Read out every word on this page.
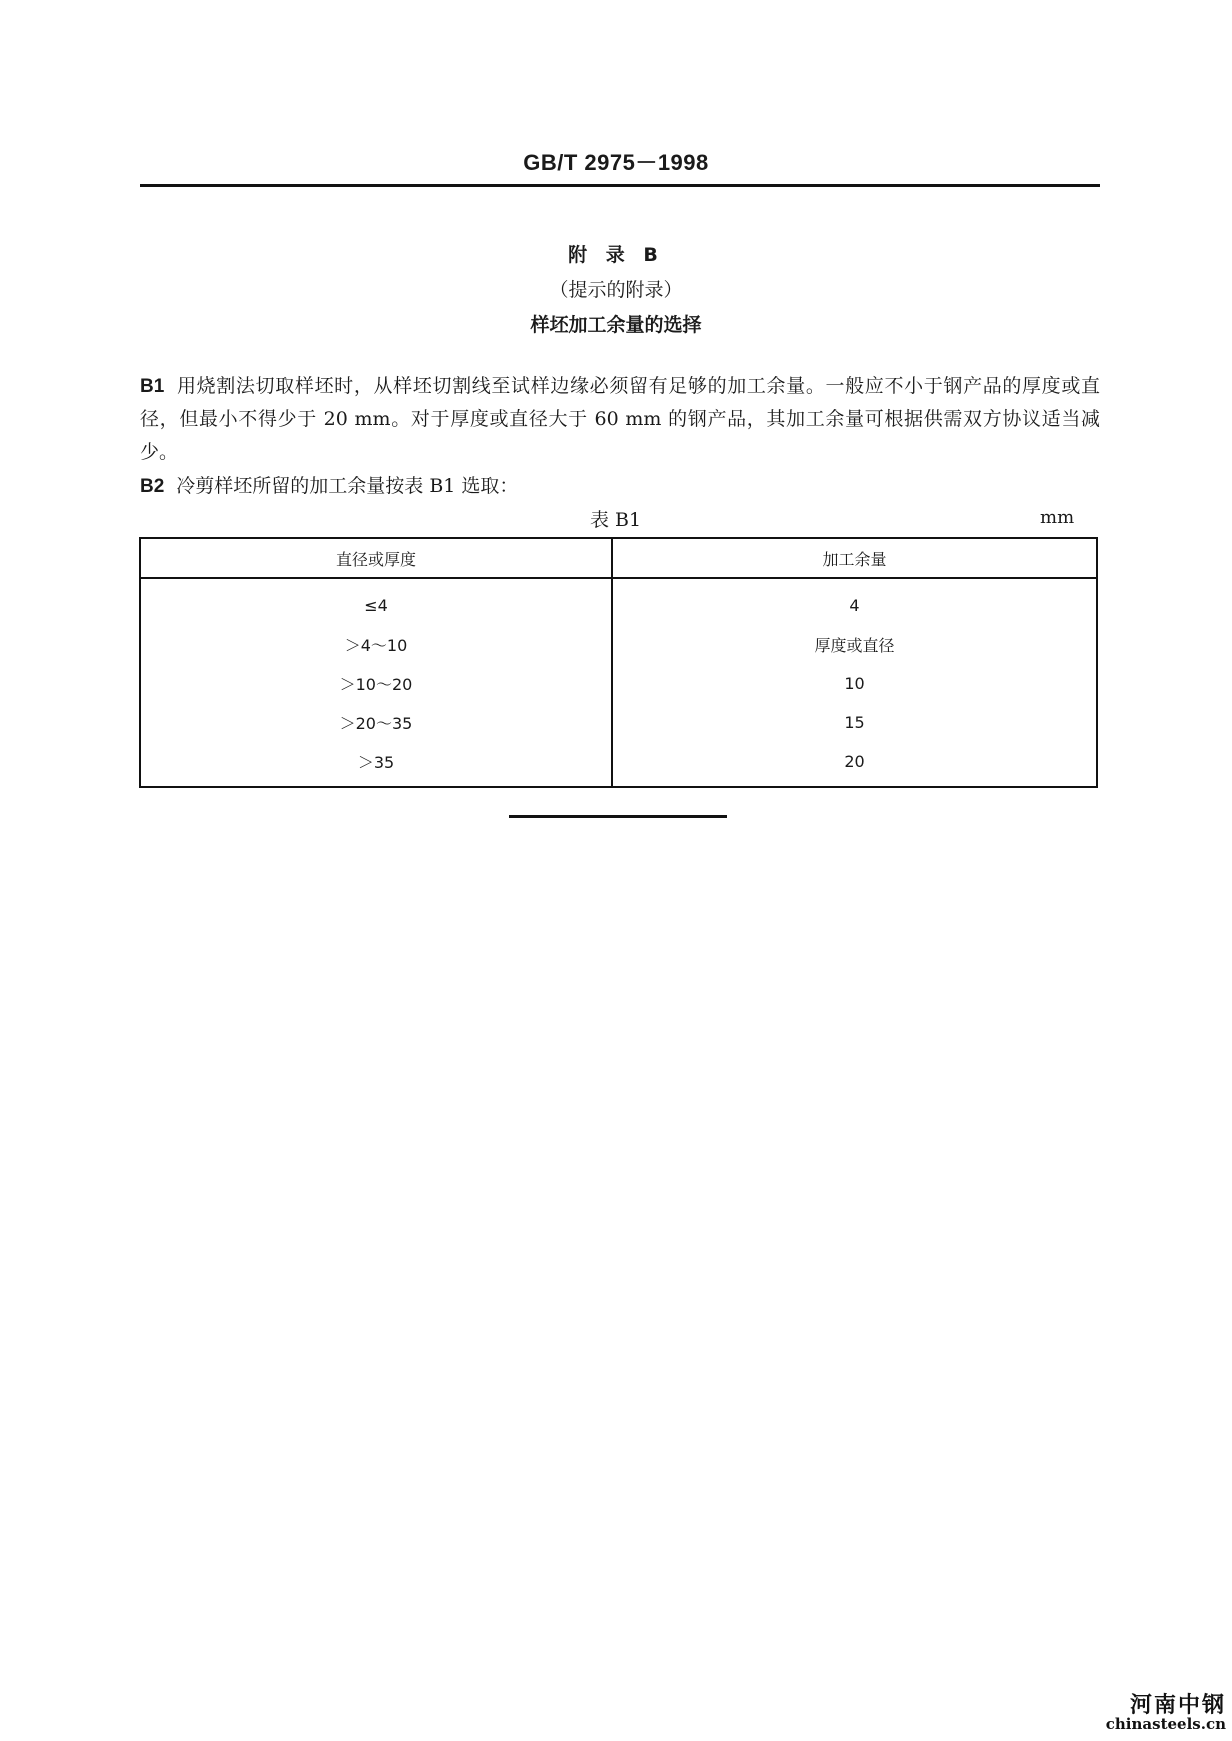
GB/T 2975－1998
附 录 B
（提示的附录）
样坯加工余量的选择
B1 用烧割法切取样坯时，从样坯切割线至试样边缘必须留有足够的加工余量。一般应不小于钢产品的厚度或直径，但最小不得少于 20 mm。对于厚度或直径大于 60 mm 的钢产品，其加工余量可根据供需双方协议适当减少。
B2 冷剪样坯所留的加工余量按表 B1 选取：
表 B1	mm
直径或厚度	加工余量
≤4	4
＞4～10	厚度或直径
＞10～20	10
＞20～35	15
＞35	20
河南中钢
chinasteels.cn
